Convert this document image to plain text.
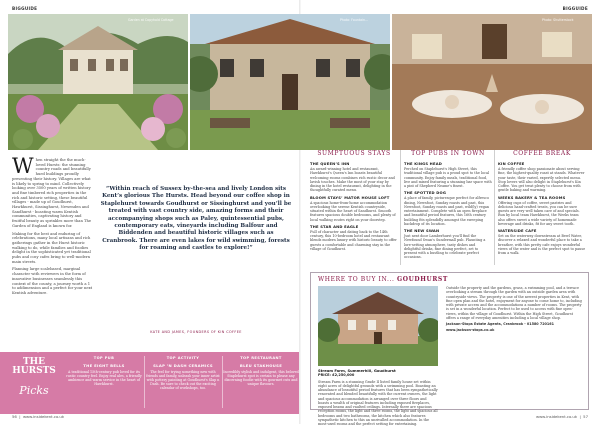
BIGGUIDE	BIGGUIDE
Garden at Copyhold Cottage	Photo: Fountain...	Photo: Shutterstock
W hen straight the the much-loved Hursts: the stunning country roads and beautifully hued buildings proudly presenting their history. Villages are what is likely to spring to mind. Collectively looking over 3500 years of written history and fine timbered rich properties in the rich and historic setting, these beautiful villages - made up of Goudhurst, Hawkhurst, Sissinghurst, Newenden and Sandhurst - boasting warm Kentish communities, captivating history and fruitful beauty as sprinkles more than The Garden of England is known for.

Making for the best and enduring of celebrations, many local artisans and rich gatherings gather in the Hurst historic walking to do, while families and foodies delight in the sophisticated yet traditional pubs and cosy cafes bring to well-modern main streets.

Planning large scalebased, marginal character with reviewers in the form of innovative businesses seamlessly this context of the county, a journey worth a 1 to addimension and a perfect for your next Kentish adventure.

“Within reach of Sussex by-the-sea and lively London sits Kent’s glorious The Hursts. Head beyond our coffee shop in Staplehurst towards Goudhurst or Sissinghurst and you’ll be treated with vast country side, amazing forms and their accompanying shops such as Paley, quintessential pubs, contemporary eats, vineyards including Balfour and Biddenden and beautiful historic villages such as Cranbrook. There are even lakes for wild swimming, forests for roaming and castles to explore!”
KATE AND JAMES, FOUNDERS OF KIN COFFEE
Top
THE HURSTS
Picks
TOP PUB
THE EIGHT BELLS
A traditional 15th-century pub loved for its rustic country feel. Enjoy real ales, a friendly ambience and warm service in the heart of Hawkhurst.
TOP ACTIVITY
SLAP ’N DASH CERAMICS
The feel for trying something new with friends and family, unleash your inner artist with pottery painting at Goudhurst's Slap n Dash. Be sure to check out the exciting calendar of workshops, too.
TOP RESTAURANT
BLEU STAKHOUSE
Incredibly stylish and indulgent, this beloved Staplehurst spot is certain to please any discerning foodie with its gourmet cuts and unique flavours.
SUMPTUOUS STAYS	TOP PUBS IN TOWN	COFFEE BREAK
THE QUEEN’S INN

An award-winning hotel and restaurant, Hawkhurst's Queen's Inn boasts beautiful welcoming rooms combines rich rustic decor and lavish touches. Make the most of your stay by dining in the hotel restaurant, delighting in the thoughtfully curated menu.

BLOOM STAYS’ MATOR HOUSE LOFT

A spacious home-from-home accommodation overlooking the serene Kentish countryside, situated within the heart of Sandhurst. Smooth features spacious double bedrooms, and plenty of local walking routes right on your doorstep.

THE STAR AND EAGLE

Full of character and dating back to the 14th century, this 10-bedroom hotel and restaurant blends modern luxury with historic beauty to offer guests a comfortable and charming stay in the village of Goudhurst.

THE KINGS HEAD

Perched on Staplehurst's High Street, this traditional village pub is a proud spot to the local community. Enjoy family meals, traditional food, live and mixed featuring a stunning bar space with a pint of Shepherd Neame's finest.

THE SPOTTED DOG

A place of family, picturesque perfect for alfresco dining, Newsfoot, Sunday roasts and past, this Newsfoot, Sunday roasts and past, wild(ly) vegan entertainment. Complete with an open fireplace and beautiful period features, this 16th century building fits splendidly amongst the sweeping backdrop of its location.

THE NEW SWAN

Just next door Lamberhurst you'll find the Newfound Swan's Sundermall pub. Flaunting a lore-setting atmosphere, tasty dishes and delightful drinks, fine dining perfect, set to present with a bustling to celebrate perfect occasions.

KIN COFFEE

A friendly coffee shop passionate about serving fine, the highest-quality roast at stands. Whatever your taste, their varied, expertly selected menu. Stop lovers will also delight in Staplehurst's Kin Coffee. You get treat plenty to choose from with gentle baking and warming.

WEEKS BAKERY & TEA ROOMS

Offering cups of coffee, sweet pastries and delicious hand-crafted treats, you can be sure guests are very well taken care of and specials. Run by local team Hawkhurst, the Weeks team also offers sweet a wide variety of homemade beverage and drinks, fit for any sweet tooth.

WATERSIDE CAFE

Set on the waterway downstream at Bewl Water, discover a relaxed and wonderful place to take a breather, with this pretty cafe enjoys wonderful views of the water and is the perfect spot to pause from a walk.

WHERE TO BUY IN... GOUDHURST
Stream Farm, Summerhill, Goudhurst
PRICE: £2,250,000
Stream Farm is a stunning Grade II listed family house set within eight acres of delightful grounds with a swimming pool. Boasting an abundance of beautiful period features that has been sympathetically renovated and blended beautifully with the current owners, the light and spacious accommodation is arranged over three floors and boasts a wealth of original features including exposed fireplaces, exposed beams and vaulted ceilings. Internally there are spacious reception rooms, the light and three rooms, the light and spacious all bedrooms and two bathrooms, the kitchen which also features sympathetic kitchen to this an unrivalled accommodation. In the most-used rooms and the perfect setting for entertaining.
Outside the property and the gardens, grass, a swimming pool, and a terrace overlooking a stream through the garden with an outside garden area with countryside views. The property is one of the newest properties in Kent, with fine open plan and the hotel, enjoyment for anyone to come home to, including with private access and the accommodations a number of rooms. The property is set in a wonderful location. Perfect to be used to access with fine open-views, within the village of Goudhurst. Within the High Street, Goudhurst offers a range of everyday amenities including a local village shop.
Jackson-Stops Estate Agents, Cranbrook - 01580 720161
www.jackson-stops.co.uk
56  |  www.insidekent.co.uk	www.insidekent.co.uk  |  57
